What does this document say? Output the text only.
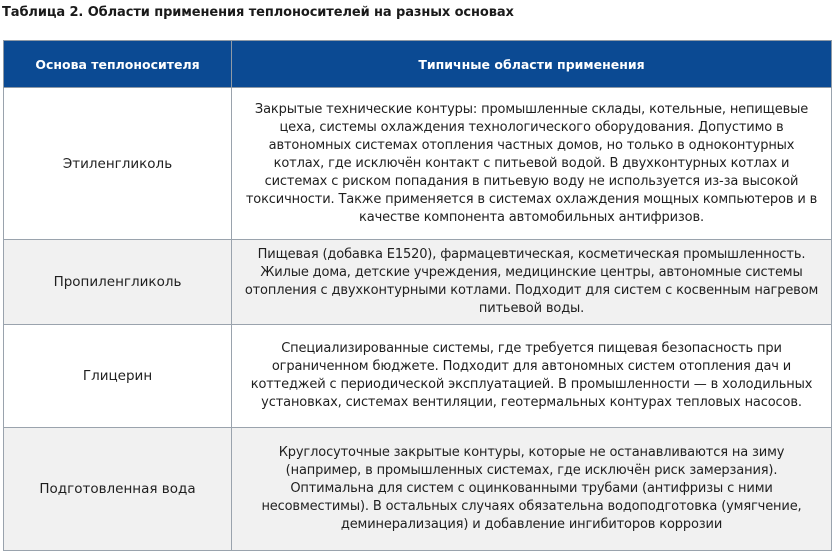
Таблица 2. Области применения теплоносителей на разных основах
Основа теплоносителя	Типичные области применения
Этиленгликоль	Закрытые технические контуры: промышленные склады, котельные, непищевые цеха, системы охлаждения технологического оборудования. Допустимо в автономных системах отопления частных домов, но только в одноконтурных котлах, где исключён контакт с питьевой водой. В двухконтурных котлах и системах с риском попадания в питьевую воду не используется из-за высокой токсичности. Также применяется в системах охлаждения мощных компьютеров и в качестве компонента автомобильных антифризов.
Пропиленгликоль	Пищевая (добавка Е1520), фармацевтическая, косметическая промышленность. Жилые дома, детские учреждения, медицинские центры, автономные системы отопления с двухконтурными котлами. Подходит для систем с косвенным нагревом питьевой воды.
Глицерин	Специализированные системы, где требуется пищевая безопасность при ограниченном бюджете. Подходит для автономных систем отопления дач и коттеджей с периодической эксплуатацией. В промышленности — в холодильных установках, системах вентиляции, геотермальных контурах тепловых насосов.
Подготовленная вода	Круглосуточные закрытые контуры, которые не останавливаются на зиму (например, в промышленных системах, где исключён риск замерзания). Оптимальна для систем с оцинкованными трубами (антифризы с ними несовместимы). В остальных случаях обязательна водоподготовка (умягчение, деминерализация) и добавление ингибиторов коррозии
